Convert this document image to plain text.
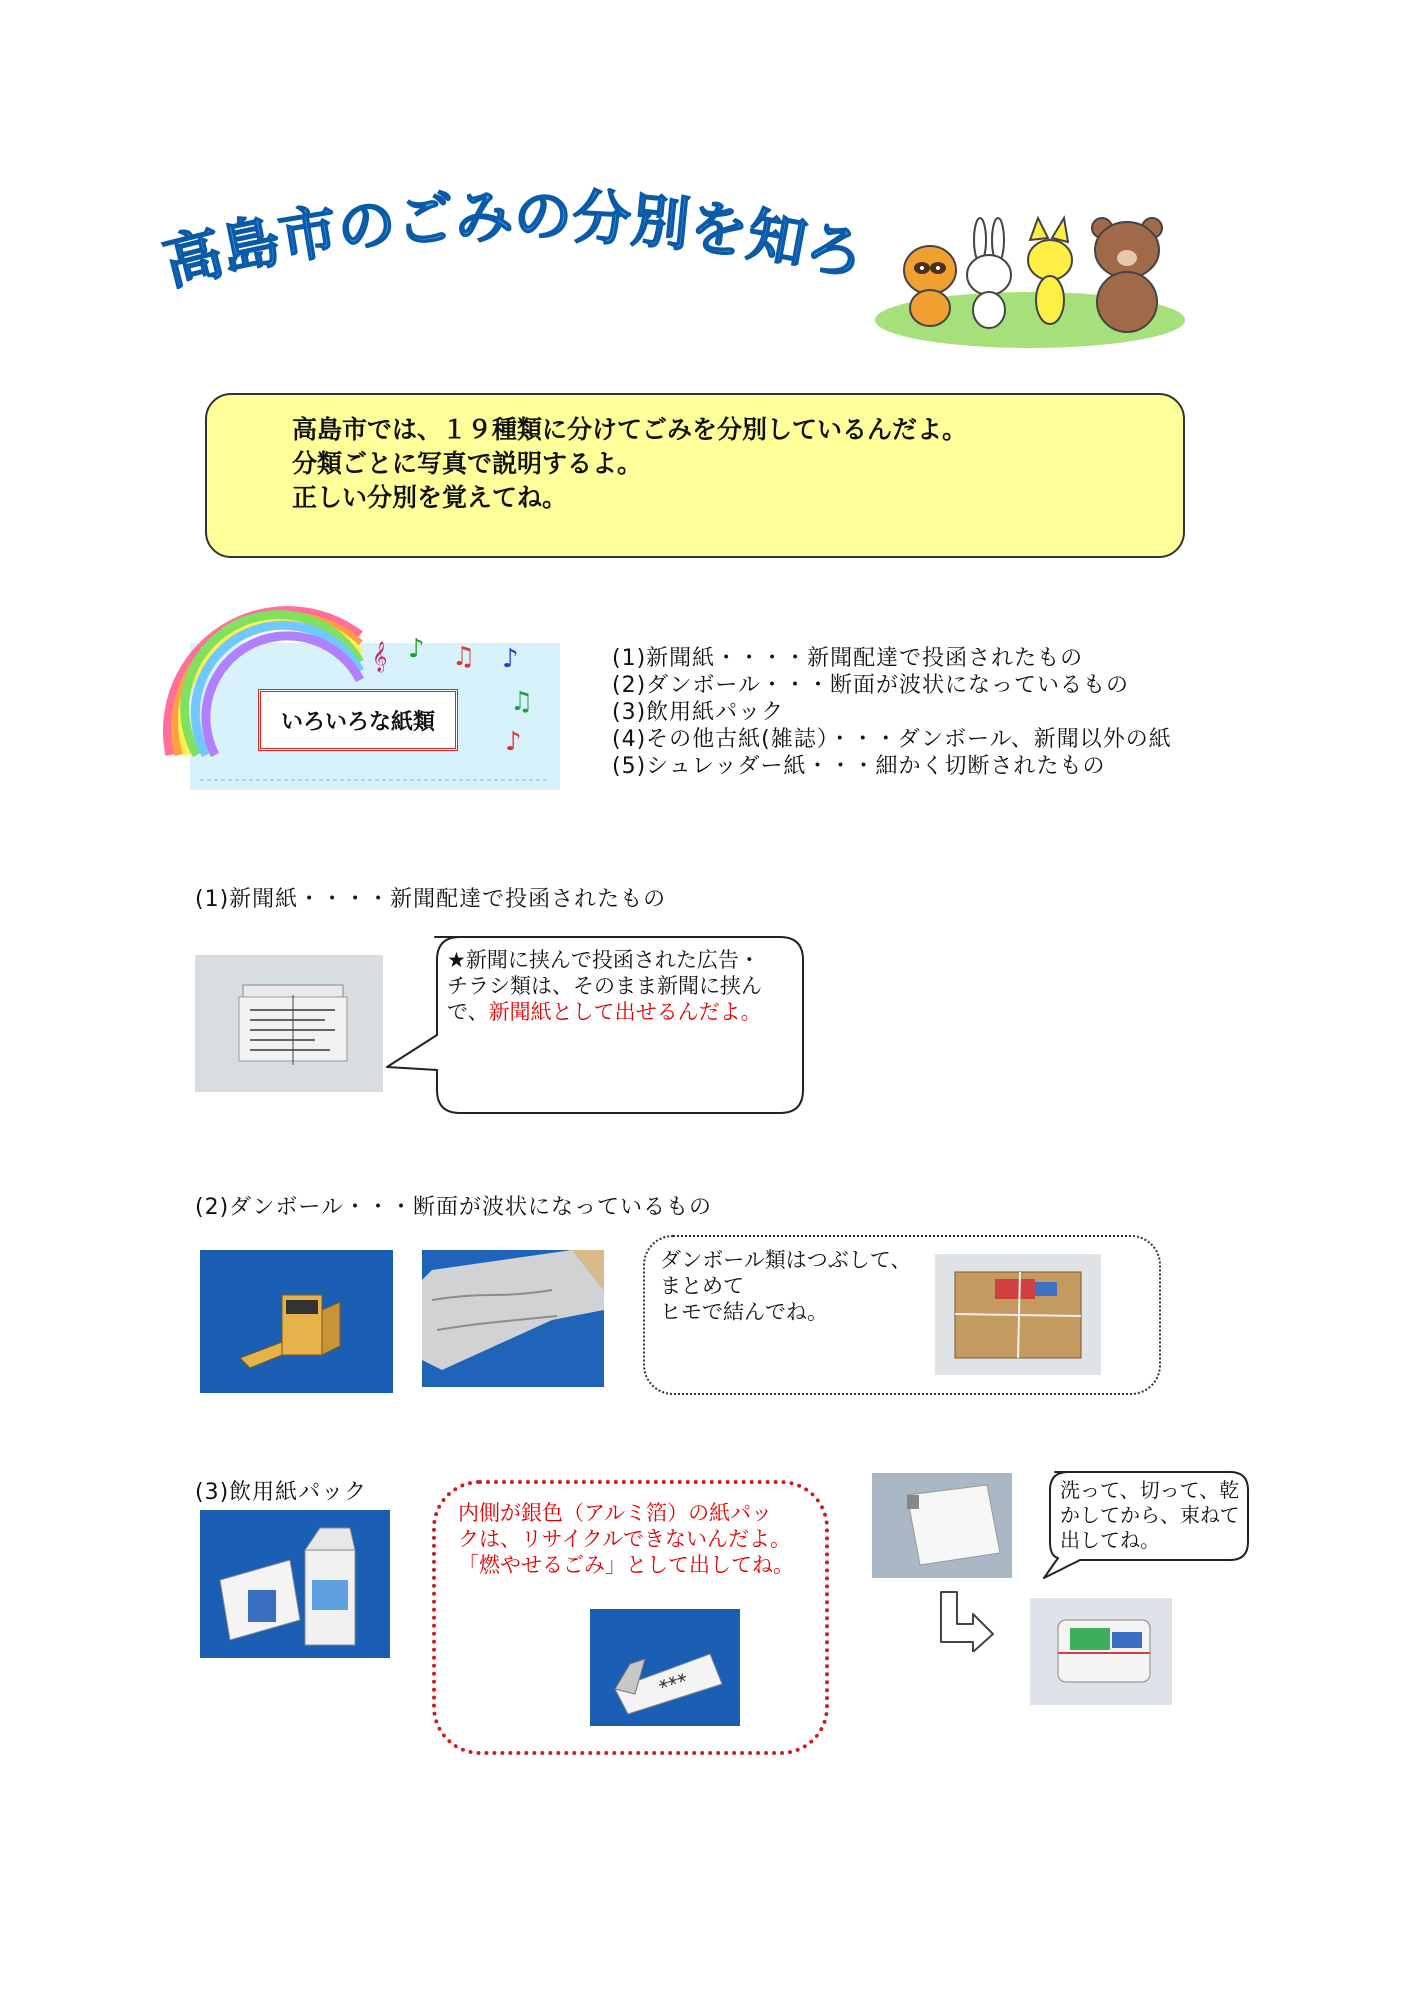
高島市のごみの分別を知ろう

高島市では、１９種類に分けてごみを分別しているんだよ。

分類ごとに写真で説明するよ。

正しい分別を覚えてね。

𝄞 ♪ ♫ ♪
♫
♪
いろいろな紙類
(1)新聞紙・・・・新聞配達で投函されたもの
(2)ダンボール・・・断面が波状になっているもの
(3)飲用紙パック
(4)その他古紙(雑誌）・・・ダンボール、新聞以外の紙
(5)シュレッダー紙・・・細かく切断されたもの
(1)新聞紙・・・・新聞配達で投函されたもの
★新聞に挟んで投函された広告・
チラシ類は、そのまま新聞に挟ん
で、新聞紙として出せるんだよ。
(2)ダンボール・・・断面が波状になっているもの
ダンボール類はつぶして、
まとめて
ヒモで結んでね。
(3)飲用紙パック
内側が銀色（アルミ箔）の紙パッ
クは、リサイクルできないんだよ。
「燃やせるごみ」として出してね。
⚹⚹⚹
洗って、切って、乾
かしてから、束ねて
出してね。
